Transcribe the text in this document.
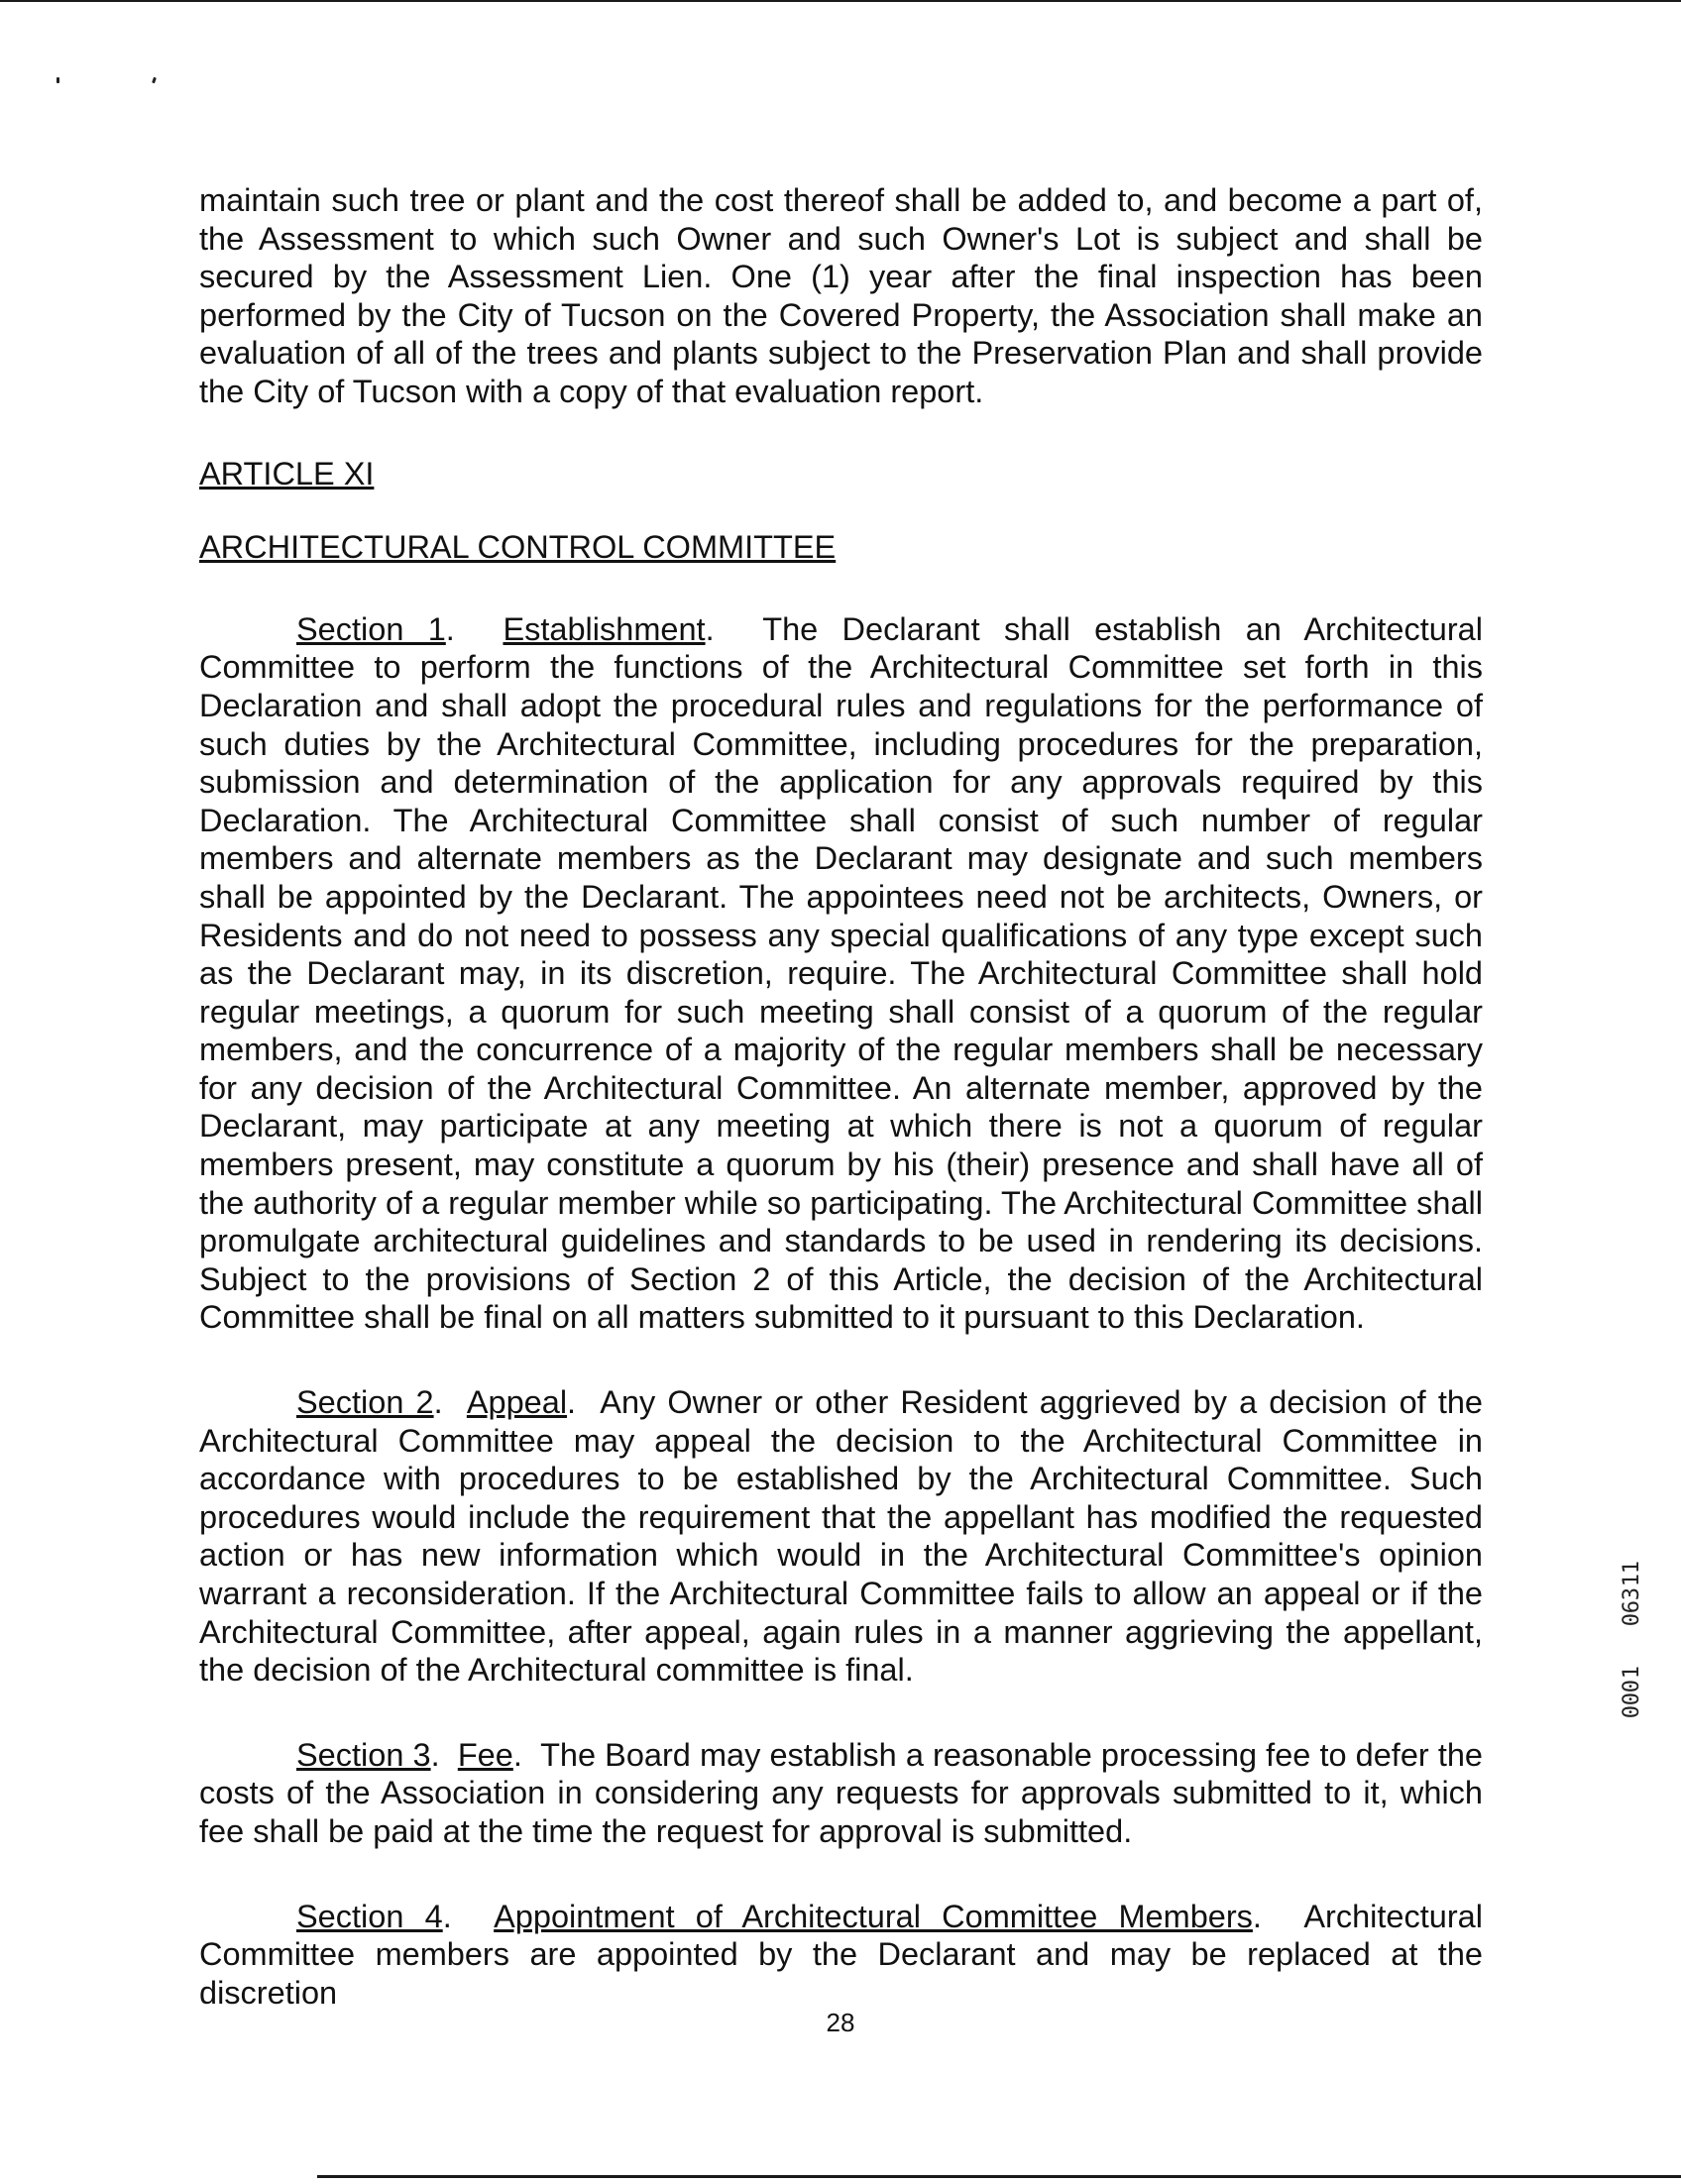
maintain such tree or plant and the cost thereof shall be added to, and become a part of, the Assessment to which such Owner and such Owner's Lot is subject and shall be secured by the Assessment Lien. One (1) year after the final inspection has been performed by the City of Tucson on the Covered Property, the Association shall make an evaluation of all of the trees and plants subject to the Preservation Plan and shall provide the City of Tucson with a copy of that evaluation report.

ARTICLE XI

ARCHITECTURAL CONTROL COMMITTEE

Section 1.  Establishment.  The Declarant shall establish an Architectural Committee to perform the functions of the Architectural Committee set forth in this Declaration and shall adopt the procedural rules and regulations for the performance of such duties by the Architectural Committee, including procedures for the preparation, submission and determination of the application for any approvals required by this Declaration. The Architectural Committee shall consist of such number of regular members and alternate members as the Declarant may designate and such members shall be appointed by the Declarant. The appointees need not be architects, Owners, or Residents and do not need to possess any special qualifications of any type except such as the Declarant may, in its discretion, require. The Architectural Committee shall hold regular meetings, a quorum for such meeting shall consist of a quorum of the regular members, and the concurrence of a majority of the regular members shall be necessary for any decision of the Architectural Committee. An alternate member, approved by the Declarant, may participate at any meeting at which there is not a quorum of regular members present, may constitute a quorum by his (their) presence and shall have all of the authority of a regular member while so participating. The Architectural Committee shall promulgate architectural guidelines and standards to be used in rendering its decisions. Subject to the provisions of Section 2 of this Article, the decision of the Architectural Committee shall be final on all matters submitted to it pursuant to this Declaration.

Section 2.  Appeal.  Any Owner or other Resident aggrieved by a decision of the Architectural Committee may appeal the decision to the Architectural Committee in accordance with procedures to be established by the Architectural Committee. Such procedures would include the requirement that the appellant has modified the requested action or has new information which would in the Architectural Committee's opinion warrant a reconsideration. If the Architectural Committee fails to allow an appeal or if the Architectural Committee, after appeal, again rules in a manner aggrieving the appellant, the decision of the Architectural committee is final.

Section 3.  Fee.  The Board may establish a reasonable processing fee to defer the costs of the Association in considering any requests for approvals submitted to it, which fee shall be paid at the time the request for approval is submitted.

Section 4.  Appointment of Architectural Committee Members.  Architectural Committee members are appointed by the Declarant and may be replaced at the discretion

28
1
1
3
6
0
1
0
0
0
